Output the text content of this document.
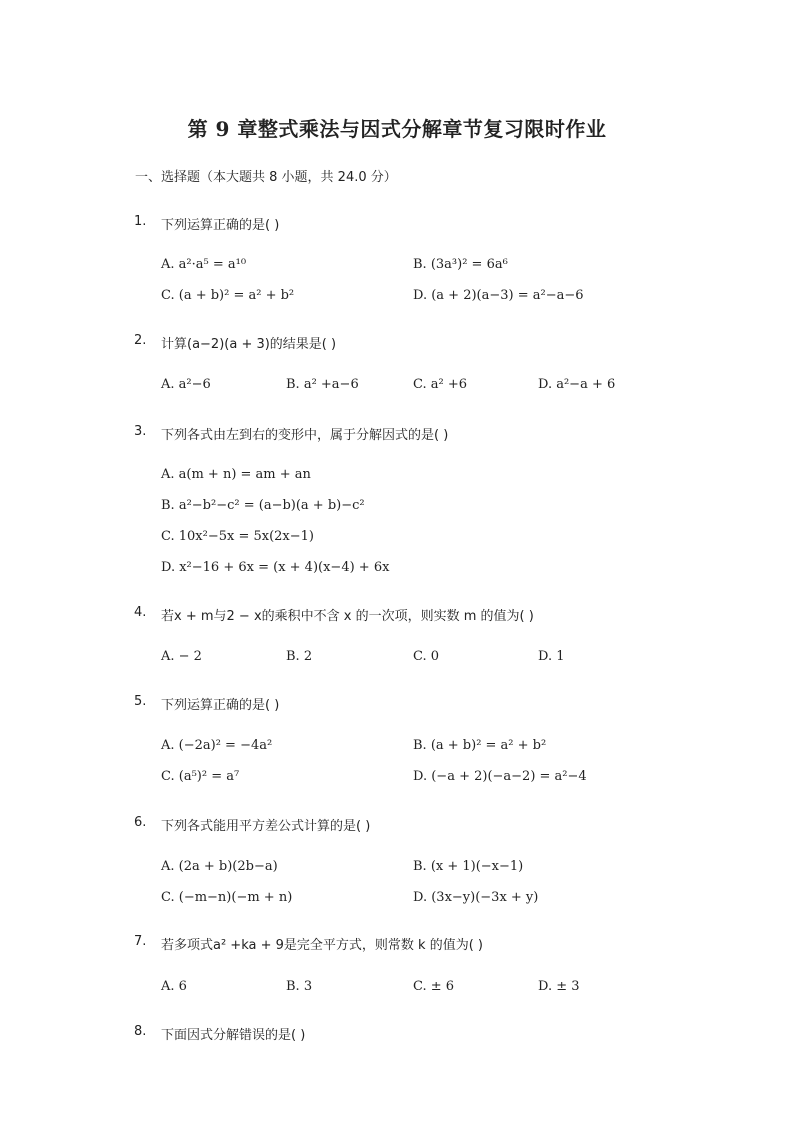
第 9 章整式乘法与因式分解章节复习限时作业
一、选择题（本大题共 8 小题，共 24.0 分）
1. 下列运算正确的是( )
A. a²·a⁵ = a¹⁰	B. (3a³)² = 6a⁶
C. (a + b)² = a² + b²	D. (a + 2)(a−3) = a²−a−6
2. 计算(a−2)(a + 3)的结果是( )
A. a²−6	B. a² +a−6	C. a² +6	D. a²−a + 6
3. 下列各式由左到右的变形中，属于分解因式的是( )
A. a(m + n) = am + an
B. a²−b²−c² = (a−b)(a + b)−c²
C. 10x²−5x = 5x(2x−1)
D. x²−16 + 6x = (x + 4)(x−4) + 6x
4. 若x + m与2 − x的乘积中不含 x 的一次项，则实数 m 的值为( )
A. − 2	B. 2	C. 0	D. 1
5. 下列运算正确的是( )
A. (−2a)² = −4a²	B. (a + b)² = a² + b²
C. (a⁵)² = a⁷	D. (−a + 2)(−a−2) = a²−4
6. 下列各式能用平方差公式计算的是( )
A. (2a + b)(2b−a)	B. (x + 1)(−x−1)
C. (−m−n)(−m + n)	D. (3x−y)(−3x + y)
7. 若多项式a² +ka + 9是完全平方式，则常数 k 的值为( )
A. 6	B. 3	C. ± 6	D. ± 3
8. 下面因式分解错误的是( )
